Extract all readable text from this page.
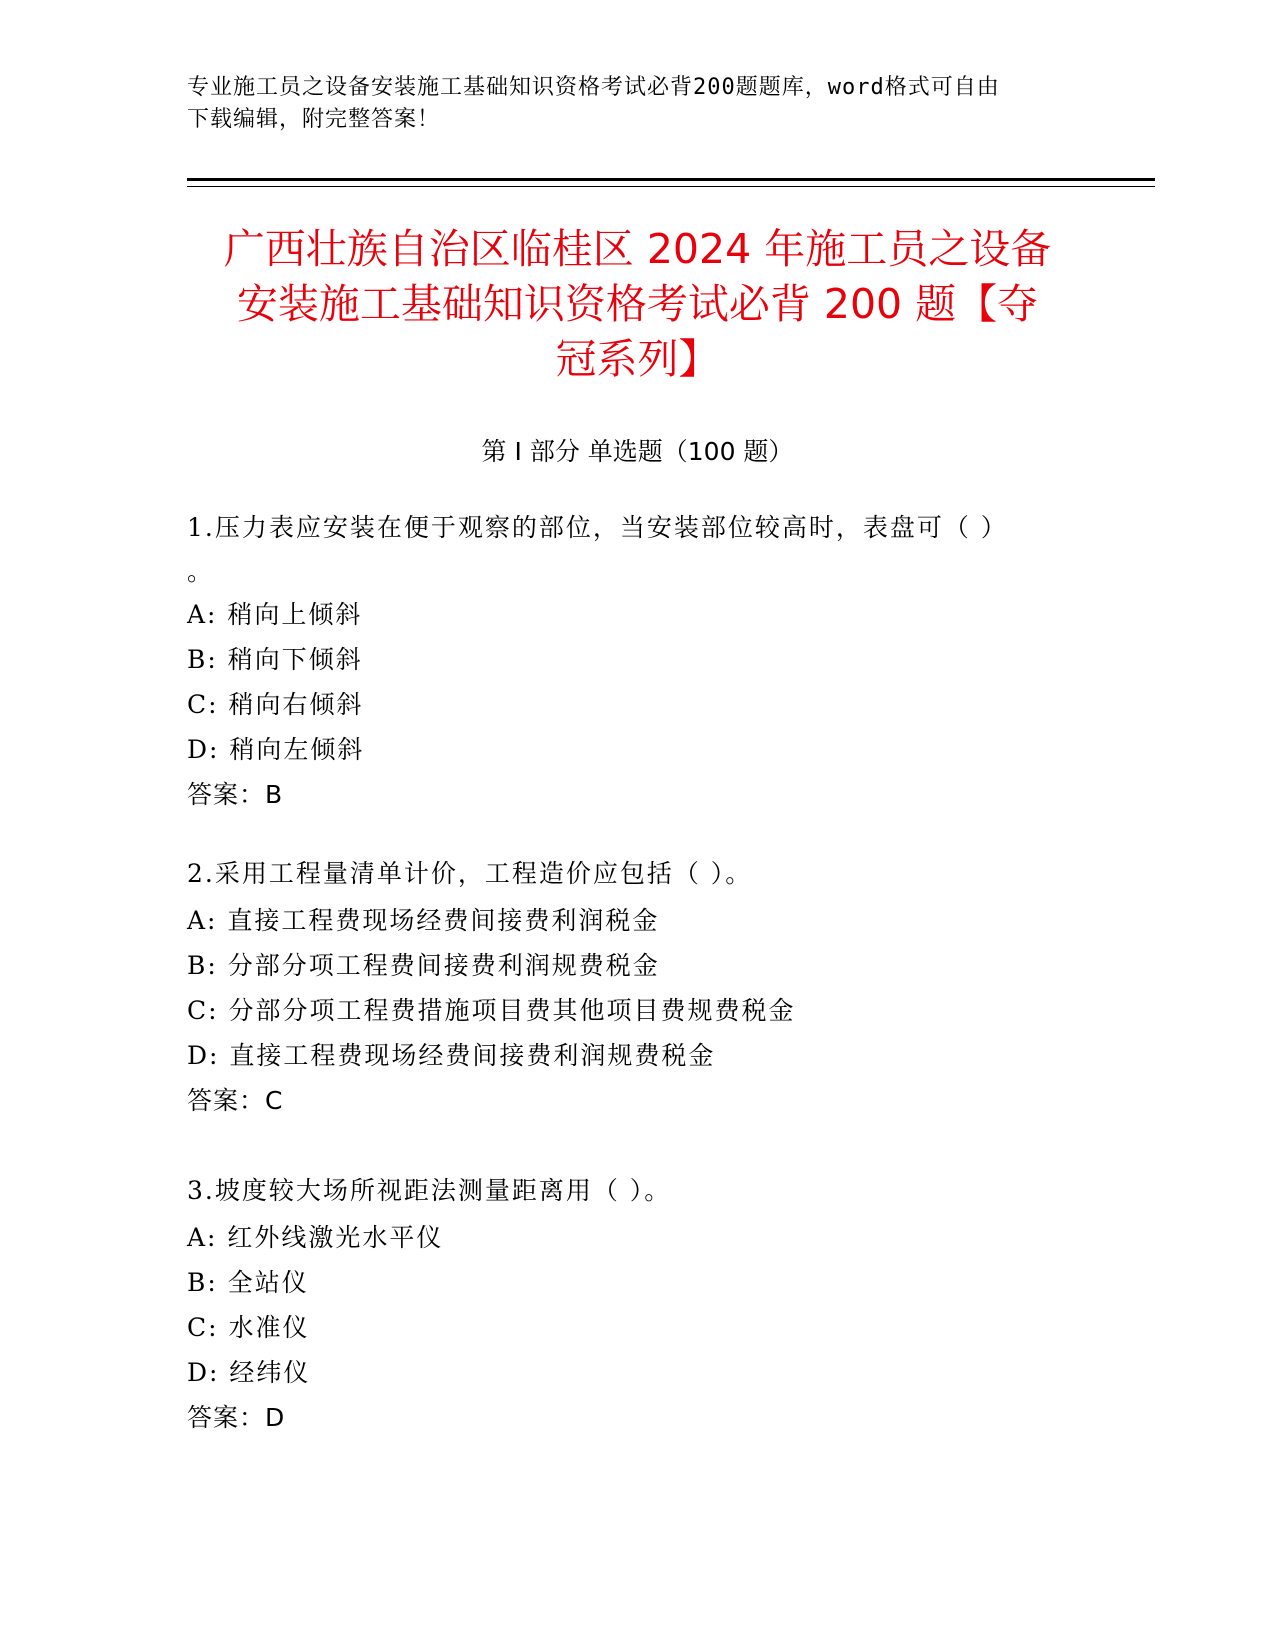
专业施工员之设备安装施工基础知识资格考试必背200题题库，word格式可自由
下载编辑，附完整答案！
广西壮族自治区临桂区 2024 年施工员之设备
安装施工基础知识资格考试必背 200 题【夺
冠系列】
第 I 部分 单选题（100 题）
1.压力表应安装在便于观察的部位，当安装部位较高时，表盘可（ ）
。
A: 稍向上倾斜
B: 稍向下倾斜
C: 稍向右倾斜
D: 稍向左倾斜
答案：B
2.采用工程量清单计价，工程造价应包括（ ）。
A: 直接工程费现场经费间接费利润税金
B: 分部分项工程费间接费利润规费税金
C: 分部分项工程费措施项目费其他项目费规费税金
D: 直接工程费现场经费间接费利润规费税金
答案：C
3.坡度较大场所视距法测量距离用（ ）。
A: 红外线激光水平仪
B: 全站仪
C: 水准仪
D: 经纬仪
答案：D
